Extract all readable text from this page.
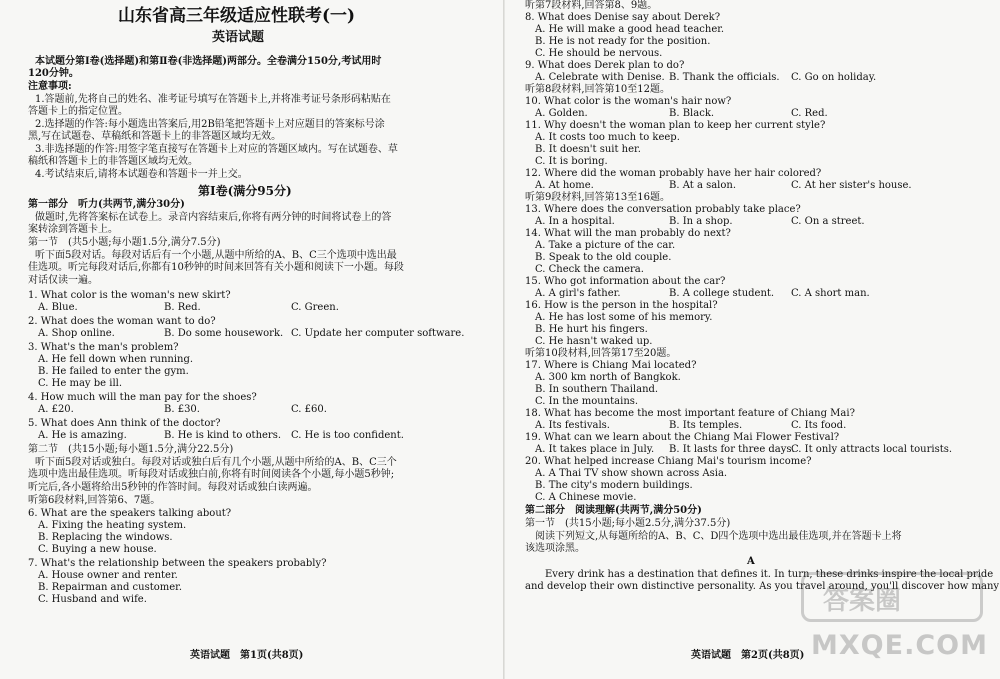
山东省高三年级适应性联考(一)
英语试题
本试题分第Ⅰ卷(选择题)和第Ⅱ卷(非选择题)两部分。全卷满分150分,考试用时
120分钟。
注意事项:
1.答题前,先将自己的姓名、准考证号填写在答题卡上,并将准考证号条形码粘贴在
答题卡上的指定位置。
2.选择题的作答:每小题选出答案后,用2B铅笔把答题卡上对应题目的答案标号涂
黑,写在试题卷、草稿纸和答题卡上的非答题区域均无效。
3.非选择题的作答:用签字笔直接写在答题卡上对应的答题区域内。写在试题卷、草
稿纸和答题卡上的非答题区域均无效。
4.考试结束后,请将本试题卷和答题卡一并上交。
第Ⅰ卷(满分95分)
第一部分　听力(共两节,满分30分)
做题时,先将答案标在试卷上。录音内容结束后,你将有两分钟的时间将试卷上的答
案转涂到答题卡上。
第一节　(共5小题;每小题1.5分,满分7.5分)
听下面5段对话。每段对话后有一个小题,从题中所给的A、B、C三个选项中选出最
佳选项。听完每段对话后,你都有10秒钟的时间来回答有关小题和阅读下一小题。每段
对话仅读一遍。
1. What color is the woman's new skirt?
A. Blue.	B. Red.	C. Green.
2. What does the woman want to do?
A. Shop online.	B. Do some housework. C. Update her computer software.
3. What's the man's problem?
A. He fell down when running.
B. He failed to enter the gym.
C. He may be ill.
4. How much will the man pay for the shoes?
A. £20.	B. £30.	C. £60.
5. What does Ann think of the doctor?
A. He is amazing.	B. He is kind to others. C. He is too confident.
第二节　(共15小题;每小题1.5分,满分22.5分)
听下面5段对话或独白。每段对话或独白后有几个小题,从题中所给的A、B、C三个
选项中选出最佳选项。听每段对话或独白前,你将有时间阅读各个小题,每小题5秒钟;
听完后,各小题将给出5秒钟的作答时间。每段对话或独白读两遍。
听第6段材料,回答第6、7题。
6. What are the speakers talking about?
A. Fixing the heating system.
B. Replacing the windows.
C. Buying a new house.
7. What's the relationship between the speakers probably?
A. House owner and renter.
B. Repairman and customer.
C. Husband and wife.
英语试题　第1页(共8页)
听第7段材料,回答第8、9题。
8. What does Denise say about Derek?
A. He will make a good head teacher.
B. He is not ready for the position.
C. He should be nervous.
9. What does Derek plan to do?
A. Celebrate with Denise. B. Thank the officials. C. Go on holiday.
听第8段材料,回答第10至12题。
10. What color is the woman's hair now?
A. Golden.	B. Black.	C. Red.
11. Why doesn't the woman plan to keep her current style?
A. It costs too much to keep.
B. It doesn't suit her.
C. It is boring.
12. Where did the woman probably have her hair colored?
A. At home.	B. At a salon.	C. At her sister's house.
听第9段材料,回答第13至16题。
13. Where does the conversation probably take place?
A. In a hospital.	B. In a shop.	C. On a street.
14. What will the man probably do next?
A. Take a picture of the car.
B. Speak to the old couple.
C. Check the camera.
15. Who got information about the car?
A. A girl's father.	B. A college student. C. A short man.
16. How is the person in the hospital?
A. He has lost some of his memory.
B. He hurt his fingers.
C. He hasn't waked up.
听第10段材料,回答第17至20题。
17. Where is Chiang Mai located?
A. 300 km north of Bangkok.
B. In southern Thailand.
C. In the mountains.
18. What has become the most important feature of Chiang Mai?
A. Its festivals.	B. Its temples.	C. Its food.
19. What can we learn about the Chiang Mai Flower Festival?
A. It takes place in July. B. It lasts for three days.
C. It only attracts local tourists.
20. What helped increase Chiang Mai's tourism income?
A. A Thai TV show shown across Asia.
B. The city's modern buildings.
C. A Chinese movie.
第二部分　阅读理解(共两节,满分50分)
第一节　(共15小题;每小题2.5分,满分37.5分)
阅读下列短文,从每题所给的A、B、C、D四个选项中选出最佳选项,并在答题卡上将
该选项涂黑。
A
Every drink has a destination that defines it. In turn, these drinks inspire the local pride
and develop their own distinctive personality. As you travel around, you'll discover how many
英语试题　第2页(共8页)
答案圈
MXQE.COM
